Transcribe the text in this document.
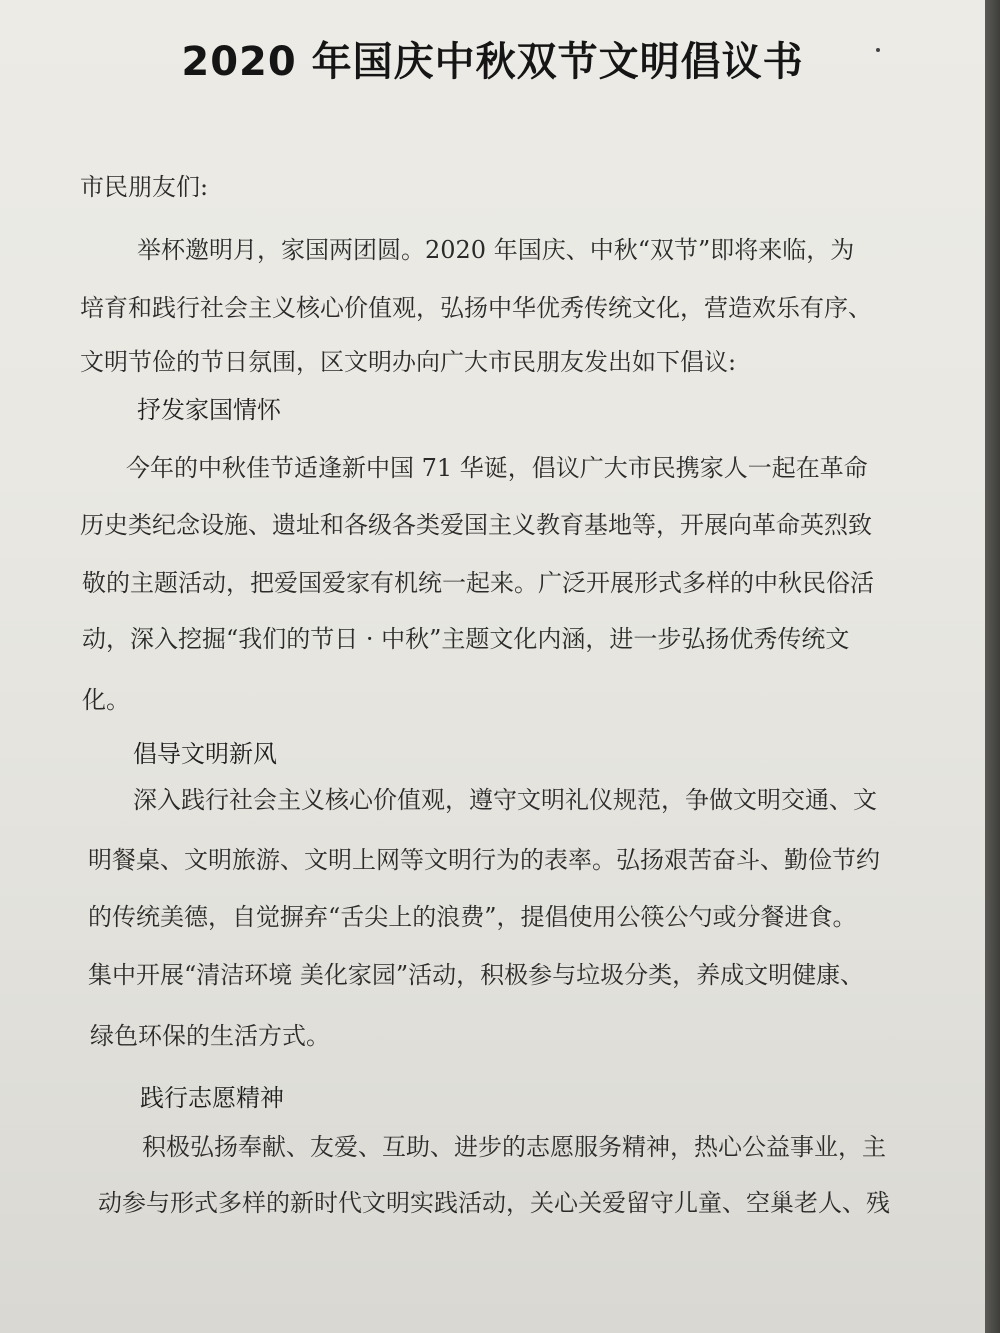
2020 年国庆中秋双节文明倡议书
市民朋友们:
举杯邀明月，家国两团圆。2020 年国庆、中秋“双节”即将来临，为
培育和践行社会主义核心价值观，弘扬中华优秀传统文化，营造欢乐有序、
文明节俭的节日氛围，区文明办向广大市民朋友发出如下倡议:
抒发家国情怀
今年的中秋佳节适逢新中国 71 华诞，倡议广大市民携家人一起在革命
历史类纪念设施、遗址和各级各类爱国主义教育基地等，开展向革命英烈致
敬的主题活动，把爱国爱家有机统一起来。广泛开展形式多样的中秋民俗活
动，深入挖掘“我们的节日 · 中秋”主题文化内涵，进一步弘扬优秀传统文
化。
倡导文明新风
深入践行社会主义核心价值观，遵守文明礼仪规范，争做文明交通、文
明餐桌、文明旅游、文明上网等文明行为的表率。弘扬艰苦奋斗、勤俭节约
的传统美德，自觉摒弃“舌尖上的浪费”，提倡使用公筷公勺或分餐进食。
集中开展“清洁环境 美化家园”活动，积极参与垃圾分类，养成文明健康、
绿色环保的生活方式。
践行志愿精神
积极弘扬奉献、友爱、互助、进步的志愿服务精神，热心公益事业，主
动参与形式多样的新时代文明实践活动，关心关爱留守儿童、空巢老人、残
